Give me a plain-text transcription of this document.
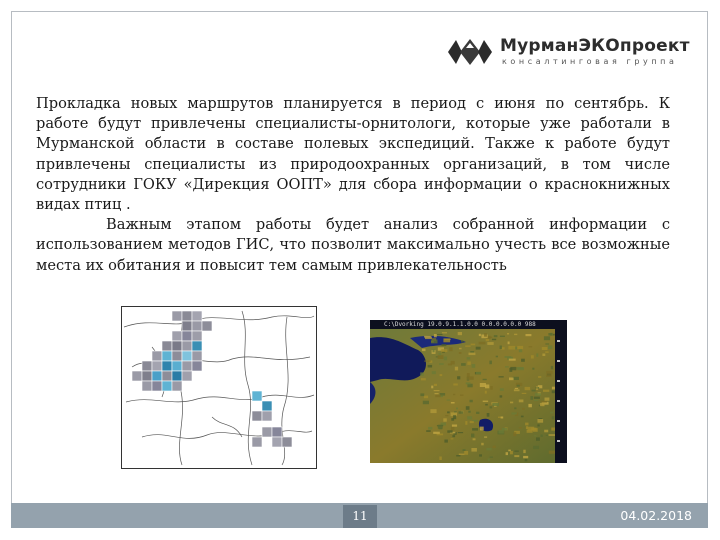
МурманЭКОпроект
консалтинговая группа

Прокладка новых маршрутов планируется в период с июня по сентябрь. К работе будут привлечены специалисты-орнитологи, которые уже работали в Мурманской области в составе полевых экспедиций. Также к работе будут привлечены специалисты из природоохранных организаций, в том числе сотрудники ГОКУ «Дирекция ООПТ» для сбора информации о краснокнижных видах птиц .

Важным этапом работы будет анализ собранной информации с использованием методов ГИС, что позволит максимально учесть все возможные места их обитания и повысит тем самым привлекательность

C:\Dvorking 19.0.9.1.1.0.0 0.0.0.0.0.0 988
11	04.02.2018
